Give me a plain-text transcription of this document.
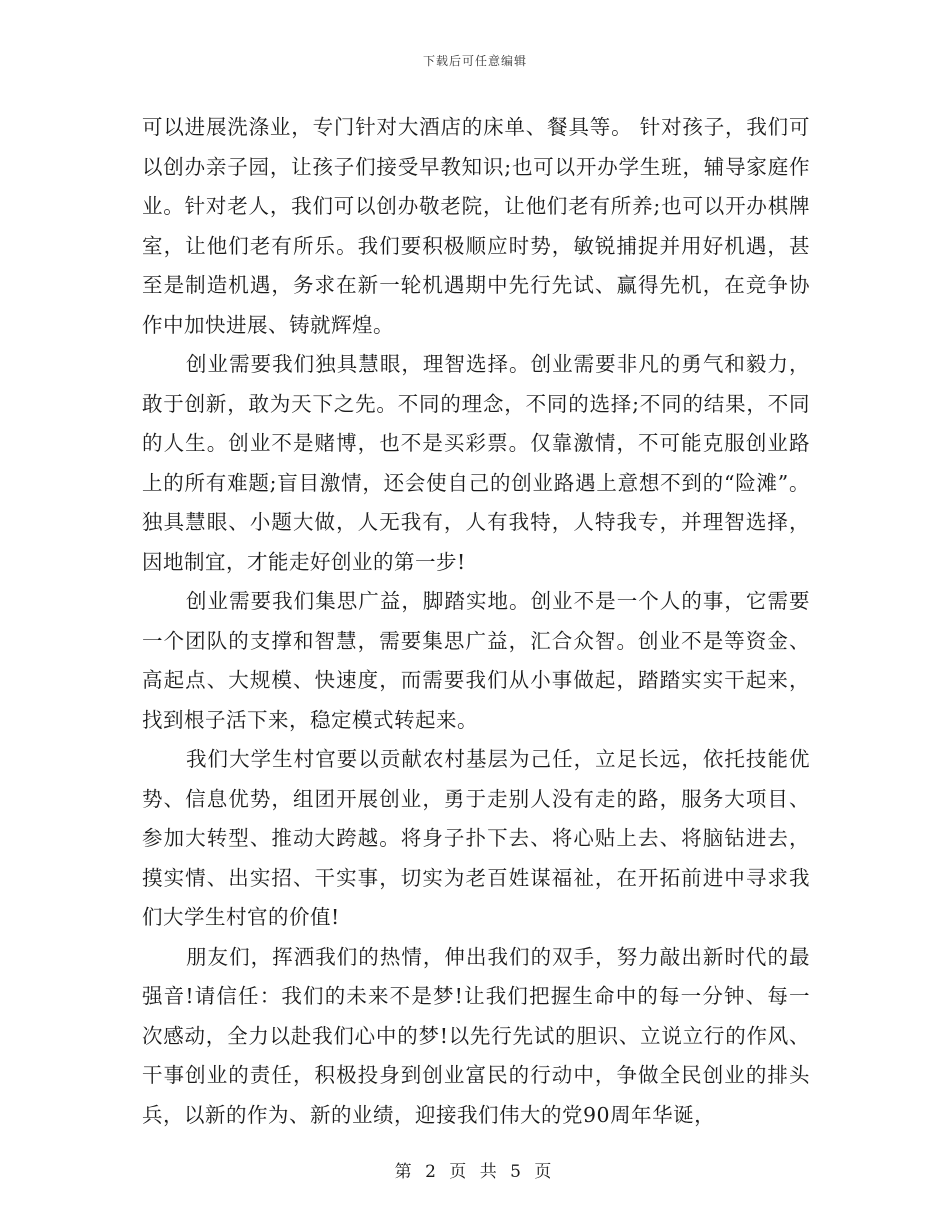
下载后可任意编辑

可以进展洗涤业，专门针对大酒店的床单、餐具等。 针对孩子，我们可以创办亲子园，让孩子们接受早教知识;也可以开办学生班，辅导家庭作业。针对老人，我们可以创办敬老院，让他们老有所养;也可以开办棋牌室，让他们老有所乐。我们要积极顺应时势，敏锐捕捉并用好机遇，甚至是制造机遇，务求在新一轮机遇期中先行先试、赢得先机，在竞争协作中加快进展、铸就辉煌。

创业需要我们独具慧眼，理智选择。创业需要非凡的勇气和毅力，敢于创新，敢为天下之先。不同的理念，不同的选择;不同的结果，不同的人生。创业不是赌博，也不是买彩票。仅靠激情，不可能克服创业路上的所有难题;盲目激情，还会使自己的创业路遇上意想不到的“险滩”。独具慧眼、小题大做，人无我有，人有我特，人特我专，并理智选择，因地制宜，才能走好创业的第一步!

创业需要我们集思广益，脚踏实地。创业不是一个人的事，它需要一个团队的支撑和智慧，需要集思广益，汇合众智。创业不是等资金、高起点、大规模、快速度，而需要我们从小事做起，踏踏实实干起来，找到根子活下来，稳定模式转起来。

我们大学生村官要以贡献农村基层为己任，立足长远，依托技能优势、信息优势，组团开展创业，勇于走别人没有走的路，服务大项目、参加大转型、推动大跨越。将身子扑下去、将心贴上去、将脑钻进去，摸实情、出实招、干实事，切实为老百姓谋福祉，在开拓前进中寻求我们大学生村官的价值!

朋友们，挥洒我们的热情，伸出我们的双手，努力敲出新时代的最强音!请信任：我们的未来不是梦!让我们把握生命中的每一分钟、每一次感动，全力以赴我们心中的梦!以先行先试的胆识、立说立行的作风、干事创业的责任，积极投身到创业富民的行动中，争做全民创业的排头兵，以新的作为、新的业绩，迎接我们伟大的党90周年华诞，

第 2 页 共 5 页
